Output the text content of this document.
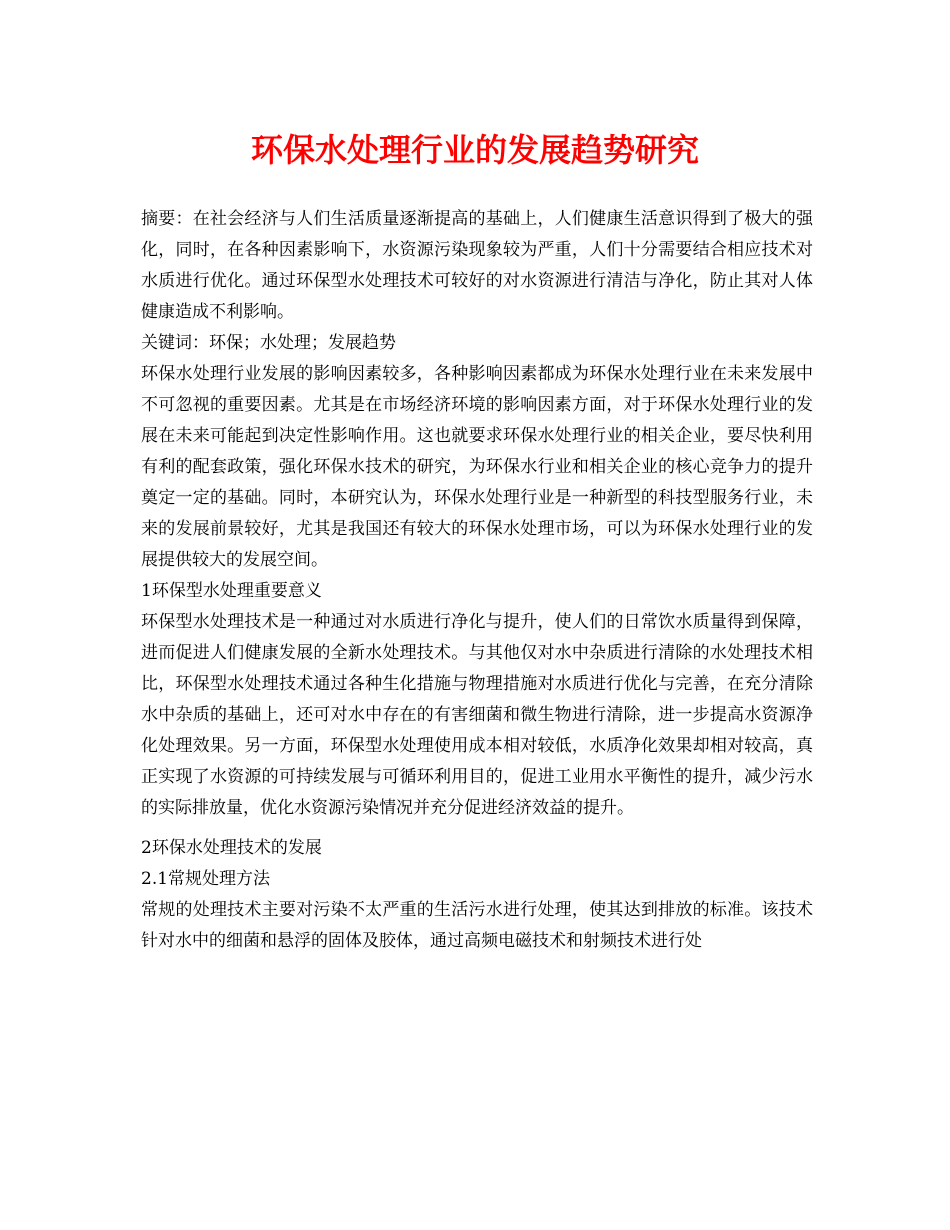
环保水处理行业的发展趋势研究

摘要：在社会经济与人们生活质量逐渐提高的基础上，人们健康生活意识得到了极大的强化，同时，在各种因素影响下，水资源污染现象较为严重，人们十分需要结合相应技术对水质进行优化。通过环保型水处理技术可较好的对水资源进行清洁与净化，防止其对人体健康造成不利影响。

关键词：环保；水处理；发展趋势

环保水处理行业发展的影响因素较多，各种影响因素都成为环保水处理行业在未来发展中不可忽视的重要因素。尤其是在市场经济环境的影响因素方面，对于环保水处理行业的发展在未来可能起到决定性影响作用。这也就要求环保水处理行业的相关企业，要尽快利用有利的配套政策，强化环保水技术的研究，为环保水行业和相关企业的核心竞争力的提升奠定一定的基础。同时，本研究认为，环保水处理行业是一种新型的科技型服务行业，未来的发展前景较好，尤其是我国还有较大的环保水处理市场，可以为环保水处理行业的发展提供较大的发展空间。

1环保型水处理重要意义

环保型水处理技术是一种通过对水质进行净化与提升，使人们的日常饮水质量得到保障，进而促进人们健康发展的全新水处理技术。与其他仅对水中杂质进行清除的水处理技术相比，环保型水处理技术通过各种生化措施与物理措施对水质进行优化与完善，在充分清除水中杂质的基础上，还可对水中存在的有害细菌和微生物进行清除，进一步提高水资源净化处理效果。另一方面，环保型水处理使用成本相对较低，水质净化效果却相对较高，真正实现了水资源的可持续发展与可循环利用目的，促进工业用水平衡性的提升，减少污水的实际排放量，优化水资源污染情况并充分促进经济效益的提升。

2环保水处理技术的发展

2.1常规处理方法

常规的处理技术主要对污染不太严重的生活污水进行处理，使其达到排放的标准。该技术针对水中的细菌和悬浮的固体及胶体，通过高频电磁技术和射频技术进行处
